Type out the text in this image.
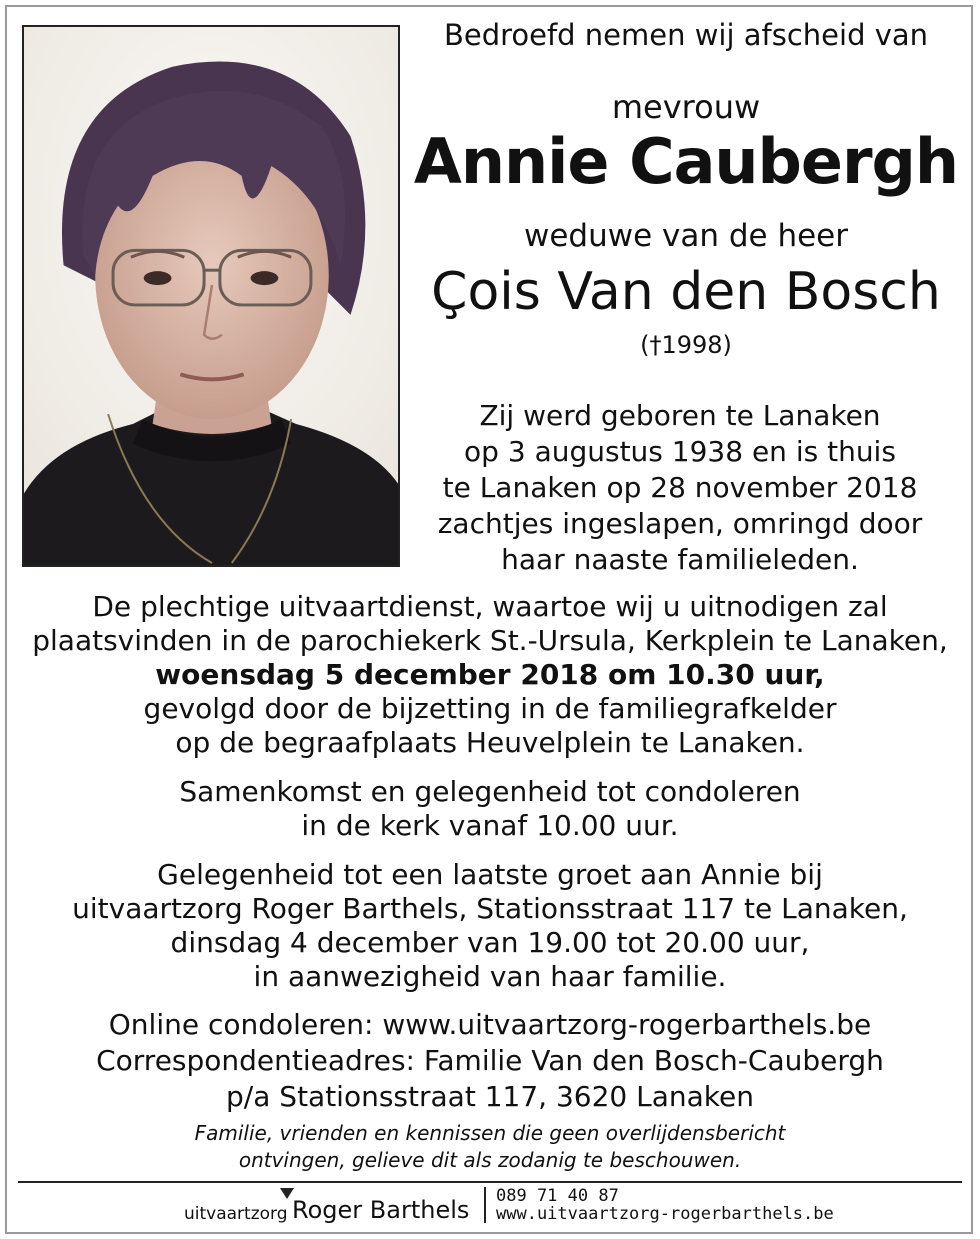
Bedroefd nemen wij afscheid van
mevrouw
Annie Caubergh
weduwe van de heer
Çois Van den Bosch
(†1998)
Zij werd geboren te Lanaken
op 3 augustus 1938 en is thuis
te Lanaken op 28 november 2018
zachtjes ingeslapen, omringd door
haar naaste familieleden.
De plechtige uitvaartdienst, waartoe wij u uitnodigen zal
plaatsvinden in de parochiekerk St.-Ursula, Kerkplein te Lanaken,
woensdag 5 december 2018 om 10.30 uur,
gevolgd door de bijzetting in de familiegrafkelder
op de begraafplaats Heuvelplein te Lanaken.
Samenkomst en gelegenheid tot condoleren
in de kerk vanaf 10.00 uur.
Gelegenheid tot een laatste groet aan Annie bij
uitvaartzorg Roger Barthels, Stationsstraat 117 te Lanaken,
dinsdag 4 december van 19.00 tot 20.00 uur,
in aanwezigheid van haar familie.
Online condoleren: www.uitvaartzorg-rogerbarthels.be
Correspondentieadres: Familie Van den Bosch-Caubergh
p/a Stationsstraat 117, 3620 Lanaken
Familie, vrienden en kennissen die geen overlijdensbericht
ontvingen, gelieve dit als zodanig te beschouwen.
uitvaartzorg Roger Barthels 089 71 40 87
www.uitvaartzorg-rogerbarthels.be
